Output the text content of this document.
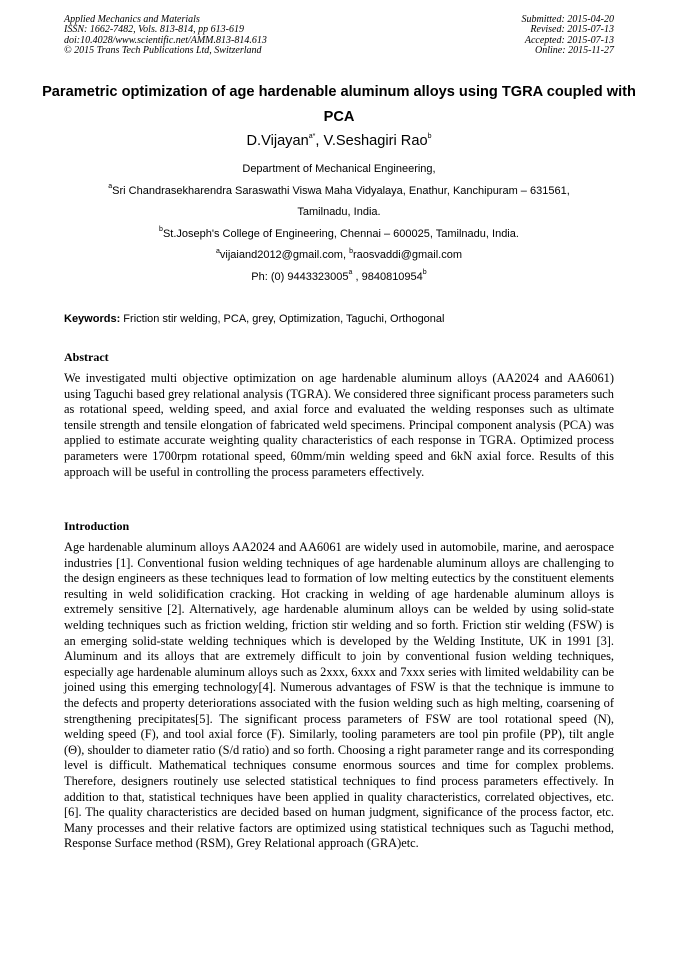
Applied Mechanics and Materials
ISSN: 1662-7482, Vols. 813-814, pp 613-619
doi:10.4028/www.scientific.net/AMM.813-814.613
© 2015 Trans Tech Publications Ltd, Switzerland
Submitted: 2015-04-20
Revised: 2015-07-13
Accepted: 2015-07-13
Online: 2015-11-27
Parametric optimization of age hardenable aluminum alloys using TGRA coupled with PCA
D.Vijayan$^{a*}$, V.Seshagiri Rao$^b$
Department of Mechanical Engineering,
$^a$Sri Chandrasekharendra Saraswathi Viswa Maha Vidyalaya, Enathur, Kanchipuram – 631561,
Tamilnadu, India.
$^b$St.Joseph's College of Engineering, Chennai – 600025, Tamilnadu, India.
$^a$vijaiand2012@gmail.com, $^b$raosvaddi@gmail.com
Ph: (0) 9443323005$^a$ , 9840810954$^b$
Keywords: Friction stir welding, PCA, grey, Optimization, Taguchi, Orthogonal
Abstract
We investigated multi objective optimization on age hardenable aluminum alloys (AA2024 and AA6061) using Taguchi based grey relational analysis (TGRA). We considered three significant process parameters such as rotational speed, welding speed, and axial force and evaluated the welding responses such as ultimate tensile strength and tensile elongation of fabricated weld specimens. Principal component analysis (PCA) was applied to estimate accurate weighting quality characteristics of each response in TGRA. Optimized process parameters were 1700rpm rotational speed, 60mm/min welding speed and 6kN axial force. Results of this approach will be useful in controlling the process parameters effectively.
Introduction
Age hardenable aluminum alloys AA2024 and AA6061 are widely used in automobile, marine, and aerospace industries [1]. Conventional fusion welding techniques of age hardenable aluminum alloys are challenging to the design engineers as these techniques lead to formation of low melting eutectics by the constituent elements resulting in weld solidification cracking. Hot cracking in welding of age hardenable aluminum alloys is extremely sensitive [2]. Alternatively, age hardenable aluminum alloys can be welded by using solid-state welding techniques such as friction welding, friction stir welding and so forth. Friction stir welding (FSW) is an emerging solid-state welding techniques which is developed by the Welding Institute, UK in 1991 [3]. Aluminum and its alloys that are extremely difficult to join by conventional fusion welding techniques, especially age hardenable aluminum alloys such as 2xxx, 6xxx and 7xxx series with limited weldability can be joined using this emerging technology[4]. Numerous advantages of FSW is that the technique is immune to the defects and property deteriorations associated with the fusion welding such as high melting, coarsening of strengthening precipitates[5]. The significant process parameters of FSW are tool rotational speed (N), welding speed (F), and tool axial force (F). Similarly, tooling parameters are tool pin profile (PP), tilt angle (Θ), shoulder to diameter ratio (S/d ratio) and so forth. Choosing a right parameter range and its corresponding level is difficult. Mathematical techniques consume enormous sources and time for complex problems. Therefore, designers routinely use selected statistical techniques to find process parameters effectively. In addition to that, statistical techniques have been applied in quality characteristics, correlated objectives, etc.[6]. The quality characteristics are decided based on human judgment, significance of the process factor, etc. Many processes and their relative factors are optimized using statistical techniques such as Taguchi method, Response Surface method (RSM), Grey Relational approach (GRA)etc.
